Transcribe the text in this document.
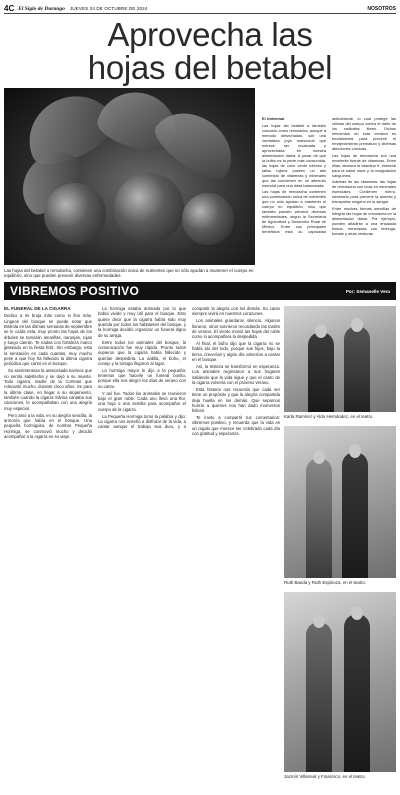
4C El Siglo de Durango JUEVES 24 DE OCTUBRE DE 2024	NOSOTROS
Aprovecha las
hojas del betabel
Las hojas del betabel o remolacha, contienen una combinación única de nutrientes que no sólo ayudan a mantener el cuerpo en equilibrio, sino que pueden prevenir diversas enfermedades.

El Universal

Las hojas del betabel a también conocido como remolacha, aunque a menudo desechadas, son una verdadera joya nutricional que merece ser revaluada y aprovechada en nuestra alimentación diaria. A pesar de que la bulbo es la parte más consumida, las hojas de color verde intenso y tallos rojizos poseen un alto contenido de vitaminas y minerales que las convierten en un alimento esencial para una dieta balanceada.

Las hojas de remolacha contienen una combinación única de nutrientes que no sólo ayudan a mantener el cuerpo en equilibrio, sino que también pueden prevenir diversas enfermedades, según la Secretaría de Agricultura y Desarrollo Rural de México. Entre sus principales beneficios está su capacidad antioxidante, lo cual protege las células del cuerpo contra el daño de los radicales libres. Dichos elementos en esta verdura es fundamental para prevenir el envejecimiento prematuro y diversas afecciones crónicas.

Las hojas de remolacha son una excelente fuente de vitaminas. Entre ellas, destaca la vitamina K, esencial para la salud ósea y la coagulación sanguínea.

Además de las vitaminas, las hojas de remolacha son ricas en minerales esenciales. Contienen hierro, necesario para prevenir la anemia y transportar oxígeno en la sangre.

Entre muchas formas sencillas de integrar las hojas de remolacha en la alimentación diaria. Por ejemplo, pueden añadirse a una ensalada fresca, mezcladas con lechuga, tomate y otras verduras.

VIBREMOS POSITIVO	Por: Semanelle Vera

EL FUNERAL DE LA CIGARRA

Dedico a mi bruja más como si fino más. Lingeos del bosque se puede notar que Bistrola en las últimas semanas de septiembre se le caída esta, muy pronto las hojas de los árboles se tornarán amarillas, naranjas, rojas y luego caerán. Te nadas con fortaleza marco glaseado en la fiesta feliz. Sin embargo, esta la sensación en cada cuantas, muy mucho pese a que hoy ha fallecido la última cigarra periódica que cantó en el bosque.

Su sentimentosa la antecesada tuvimos que no sentía satisfecha y se dejó a su muerte. Todo cigarra, madre de la Cortinas que rolecantó mucho, durante cinco años. Se para la última clase, en llegar a su alojamiento, también cuando la cigarra Silvina cantaba sus canciones, le acompañaban con una alegría muy especial.

Pero amó a la vida, en su alegría sencilla, la armonía que había en el bosque. Una pequeña hormiguita, de nombre Pequeña Hormiga, se conmovió mucho y decidió acompañar a la cigarra en su viaje.

La hormiga estaba animada por lo que había vivido y muy útil para el bosque. Esto quiere decir que la cigarra había sido muy querida por todos los habitantes del bosque, y la hormiga decidió organizar un funeral digno de su amiga.

Entre todos los animales del bosque, la comunicación fue muy rápida. Pronto todos supieron que la cigarra había fallecido y querían despedirla. La ardilla, el búho, el conejo y la tortuga llegaron al lugar.

La hormiga mayor le dijo a la pequeña: tenemos que hacerle un funeral bonito, porque ella nos alegró los días de verano con su canto.

Y así fue. Todos los animales se reunieron bajo el gran roble. Cada uno llevó una flor, una hoja o una semilla para acompañar el cuerpo de la cigarra.

La Pequeña Hormiga tomó la palabra y dijo: La cigarra nos enseñó a disfrutar de la vida, a cantar aunque el trabajo sea duro, y a compartir la alegría con los demás. Su canto siempre vivirá en nuestros corazones.

Los animales guardaron silencio. Algunos lloraron, otros sonrieron recordando las tardes de verano. El viento movió las hojas del roble como si acompañara la despedida.

Al final, el búho dijo que la cigarra no se había ido del todo, porque sus hijos, bajo la tierra, crecerían y algún día volverían a cantar en el bosque.

Así, la tristeza se transformó en esperanza. Los animales regresaron a sus hogares sabiendo que la vida sigue y que el canto de la cigarra volvería con el próximo verano.

Esta historia nos recuerda que cada ser tiene un propósito y que la alegría compartida deja huella en los demás. Que sepamos honrar a quienes nos han dado momentos felices.

Te invito a compartir tus comentarios: vibremos positivo, y recuerda que la vida es un regalo que merece ser celebrado cada día con gratitud y esperanza.

Karla Ramírez y Aldo Hernández, en el teatro.
Ruth Banda y Ruth Espinoza, en el teatro.
Jazmín Villarreal y Francisco, en el teatro.
